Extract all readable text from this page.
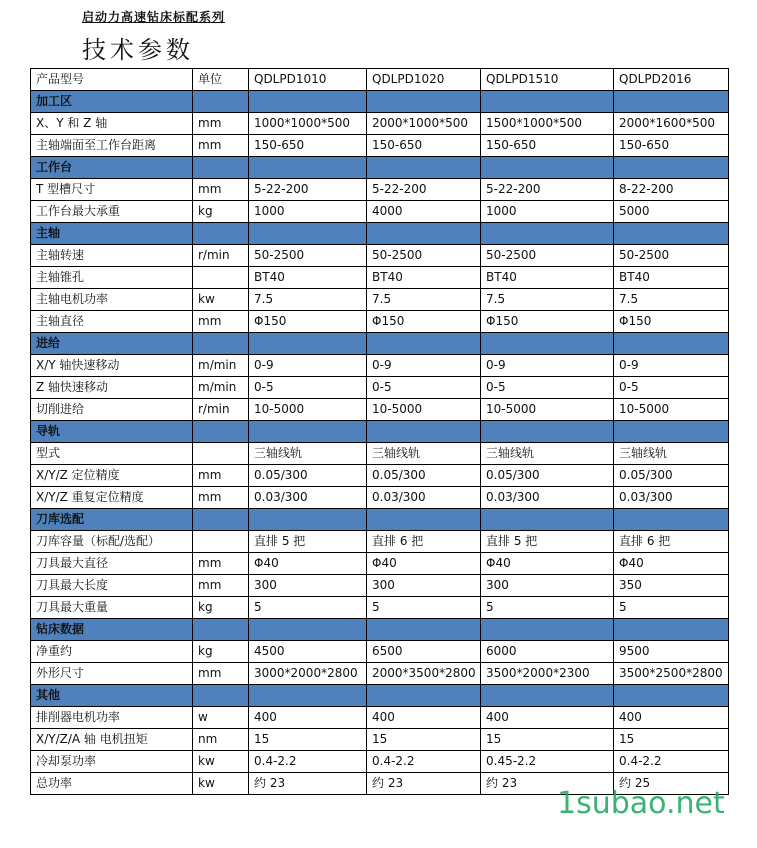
启动力高速钻床标配系列
技术参数
产品型号	单位	QDLPD1010	QDLPD1020	QDLPD1510	QDLPD2016
加工区					
X、Y 和 Z 轴	mm	1000*1000*500	2000*1000*500	1500*1000*500	2000*1600*500
主轴端面至工作台距离	mm	150-650	150-650	150-650	150-650
工作台					
T 型槽尺寸	mm	5-22-200	5-22-200	5-22-200	8-22-200
工作台最大承重	kg	1000	4000	1000	5000
主轴					
主轴转速	r/min	50-2500	50-2500	50-2500	50-2500
主轴锥孔		BT40	BT40	BT40	BT40
主轴电机功率	kw	7.5	7.5	7.5	7.5
主轴直径	mm	Φ150	Φ150	Φ150	Φ150
进给					
X/Y 轴快速移动	m/min	0-9	0-9	0-9	0-9
Z 轴快速移动	m/min	0-5	0-5	0-5	0-5
切削进给	r/min	10-5000	10-5000	10-5000	10-5000
导轨					
型式		三轴线轨	三轴线轨	三轴线轨	三轴线轨
X/Y/Z 定位精度	mm	0.05/300	0.05/300	0.05/300	0.05/300
X/Y/Z 重复定位精度	mm	0.03/300	0.03/300	0.03/300	0.03/300
刀库选配					
刀库容量（标配/选配）		直排 5 把	直排 6 把	直排 5 把	直排 6 把
刀具最大直径	mm	Φ40	Φ40	Φ40	Φ40
刀具最大长度	mm	300	300	300	350
刀具最大重量	kg	5	5	5	5
钻床数据					
净重约	kg	4500	6500	6000	9500
外形尺寸	mm	3000*2000*2800	2000*3500*2800	3500*2000*2300	3500*2500*2800
其他					
排削器电机功率	w	400	400	400	400
X/Y/Z/A 轴 电机扭矩	nm	15	15	15	15
冷却泵功率	kw	0.4-2.2	0.4-2.2	0.45-2.2	0.4-2.2
总功率	kw	约 23	约 23	约 23	约 25
1subao.net
